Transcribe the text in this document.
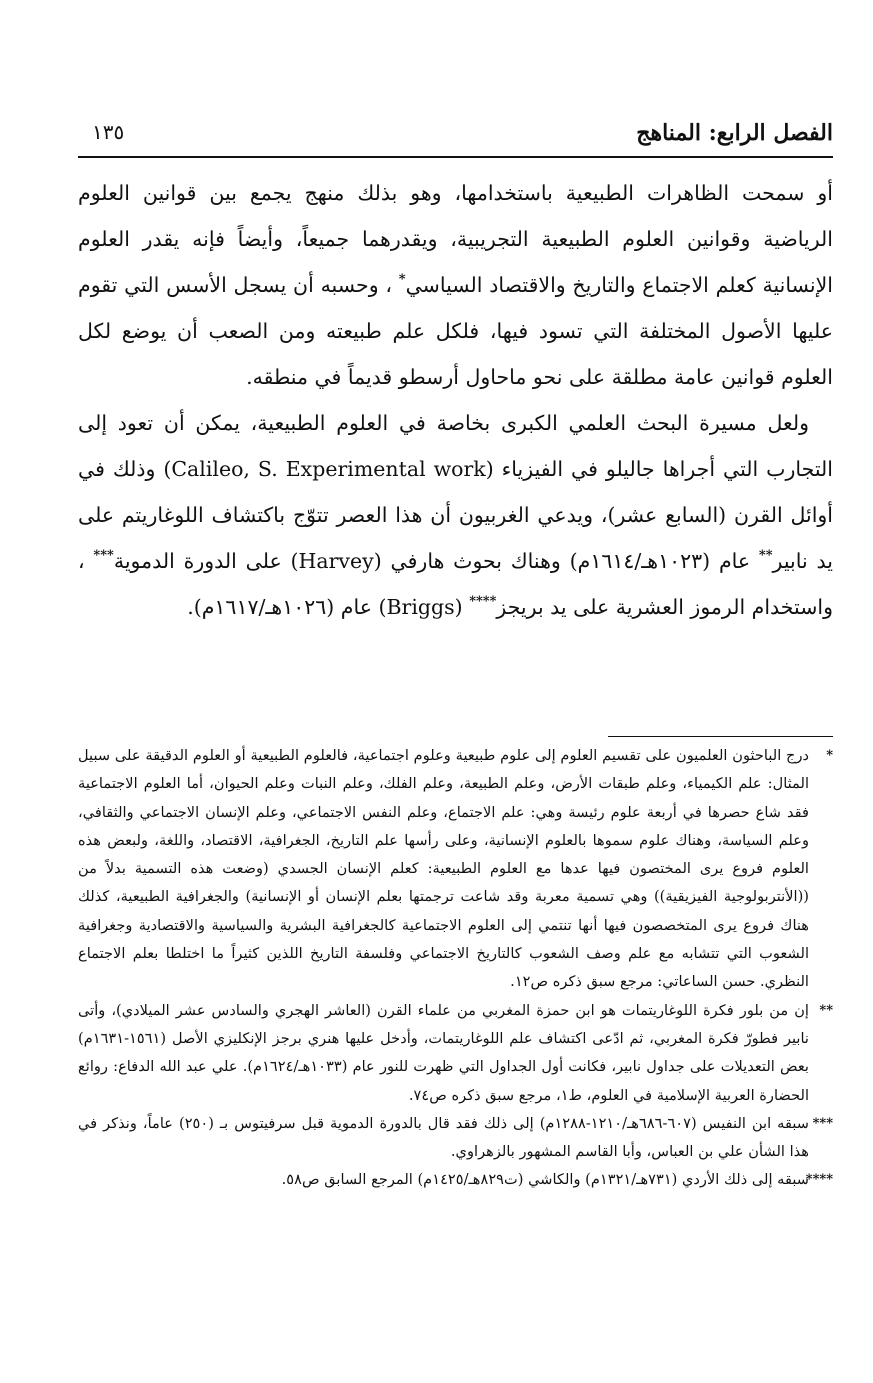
الفصل الرابع: المناهج
١٣٥

أو سمحت الظاهرات الطبيعية باستخدامها، وهو بذلك منهج يجمع بين قوانين العلوم الرياضية وقوانين العلوم الطبيعية التجريبية، ويقدرهما جميعاً، وأيضاً فإنه يقدر العلوم الإنسانية كعلم الاجتماع والتاريخ والاقتصاد السياسي* ، وحسبه أن يسجل الأسس التي تقوم عليها الأصول المختلفة التي تسود فيها، فلكل علم طبيعته ومن الصعب أن يوضع لكل العلوم قوانين عامة مطلقة على نحو ماحاول أرسطو قديماً في منطقه.

ولعل مسيرة البحث العلمي الكبرى بخاصة في العلوم الطبيعية، يمكن أن تعود إلى التجارب التي أجراها جاليلو في الفيزياء (Calileo, S. Experimental work) وذلك في أوائل القرن (السابع عشر)، ويدعي الغربيون أن هذا العصر تتوّج باكتشاف اللوغاريتم على يد نابير** عام (١٠٢٣هـ/١٦١٤م) وهناك بحوث هارفي (Harvey) على الدورة الدموية*** ، واستخدام الرموز العشرية على يد بريجز**** (Briggs) عام (١٠٢٦هـ/١٦١٧م).

*
درج الباحثون العلميون على تقسيم العلوم إلى علوم طبيعية وعلوم اجتماعية، فالعلوم الطبيعية أو العلوم الدقيقة على سبيل المثال: علم الكيمياء، وعلم طبقات الأرض، وعلم الطبيعة، وعلم الفلك، وعلم النبات وعلم الحيوان، أما العلوم الاجتماعية فقد شاع حصرها في أربعة علوم رئيسة وهي: علم الاجتماع، وعلم النفس الاجتماعي، وعلم الإنسان الاجتماعي والثقافي، وعلم السياسة، وهناك علوم سموها بالعلوم الإنسانية، وعلى رأسها علم التاريخ، الجغرافية، الاقتصاد، واللغة، ولبعض هذه العلوم فروع يرى المختصون فيها عدها مع العلوم الطبيعية: كعلم الإنسان الجسدي (وضعت هذه التسمية بدلاً من ((الأنتربولوجية الفيزيقية)) وهي تسمية معربة وقد شاعت ترجمتها بعلم الإنسان أو الإنسانية) والجغرافية الطبيعية، كذلك هناك فروع يرى المتخصصون فيها أنها تنتمي إلى العلوم الاجتماعية كالجغرافية البشرية والسياسية والاقتصادية وجغرافية الشعوب التي تتشابه مع علم وصف الشعوب كالتاريخ الاجتماعي وفلسفة التاريخ اللذين كثيراً ما اختلطا بعلم الاجتماع النظري. حسن الساعاتي: مرجع سبق ذكره ص١٢.

**
إن من بلور فكرة اللوغاريتمات هو ابن حمزة المغربي من علماء القرن (العاشر الهجري والسادس عشر الميلادي)، وأتى نابير فطورّ فكرة المغربي، ثم ادّعى اكتشاف علم اللوغاريتمات، وأدخل عليها هنري برجز الإنكليزي الأصل (١٥٦١-١٦٣١م) بعض التعديلات على جداول نابير، فكانت أول الجداول التي ظهرت للنور عام (١٠٣٣هـ/١٦٢٤م). علي عبد الله الدفاع: روائع الحضارة العربية الإسلامية في العلوم، ط١، مرجع سبق ذكره ص٧٤.

***
سبقه ابن النفيس (٦٠٧-٦٨٦هـ/١٢١٠-١٢٨٨م) إلى ذلك فقد قال بالدورة الدموية قبل سرفيتوس بـ (٢٥٠) عاماً، ونذكر في هذا الشأن علي بن العباس، وأبا القاسم المشهور بالزهراوي.

****
سبقه إلى ذلك الأردي (٧٣١هـ/١٣٢١م) والكاشي (ت٨٢٩هـ/١٤٢٥م) المرجع السابق ص٥٨.
